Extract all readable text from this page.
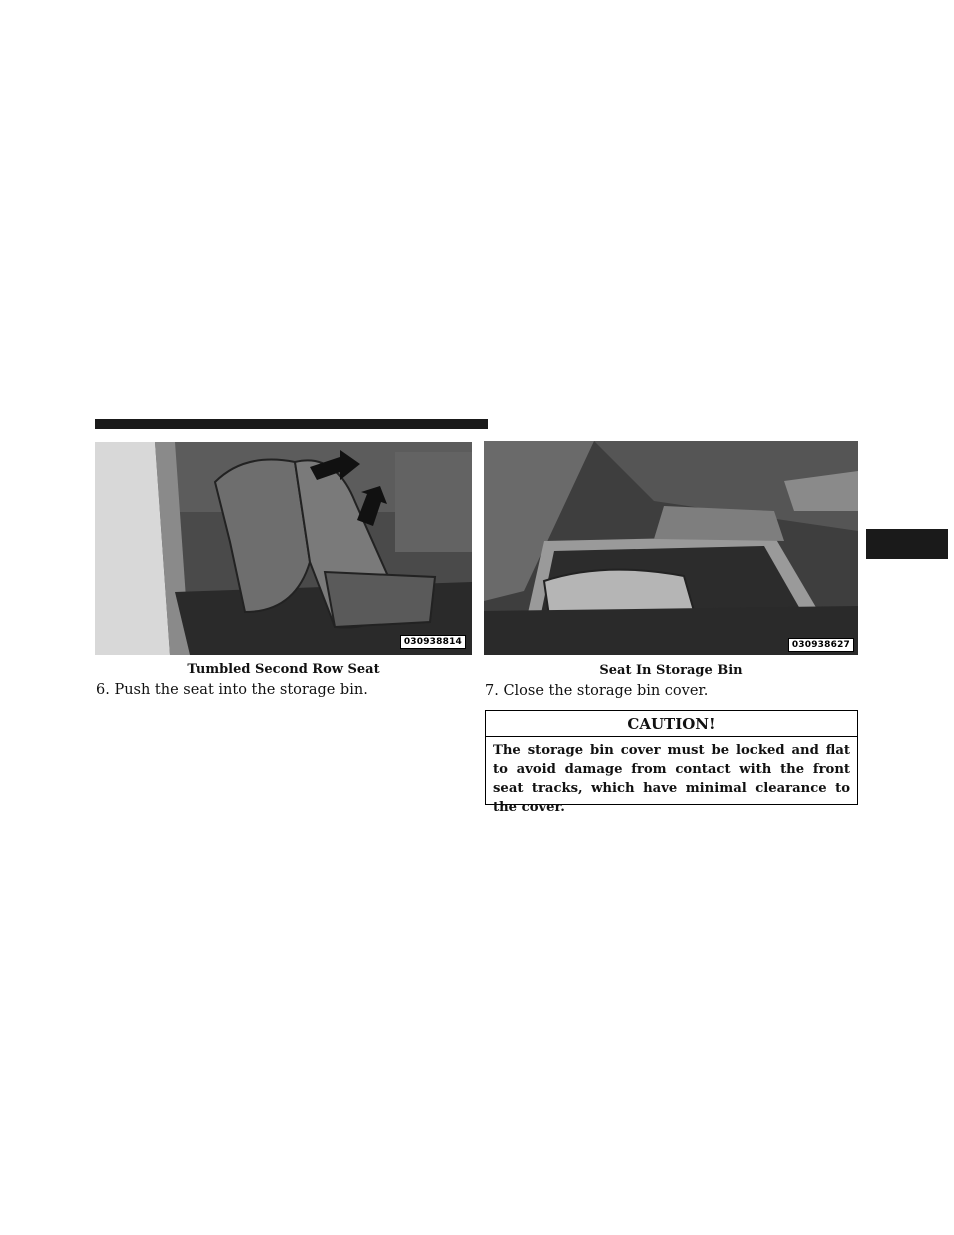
030938814
Tumbled Second Row Seat
030938627
Seat In Storage Bin
6. Push the seat into the storage bin.	7. Close the storage bin cover.
CAUTION!
The storage bin cover must be locked and flat to avoid damage from contact with the front seat tracks, which have minimal clearance to the cover.
